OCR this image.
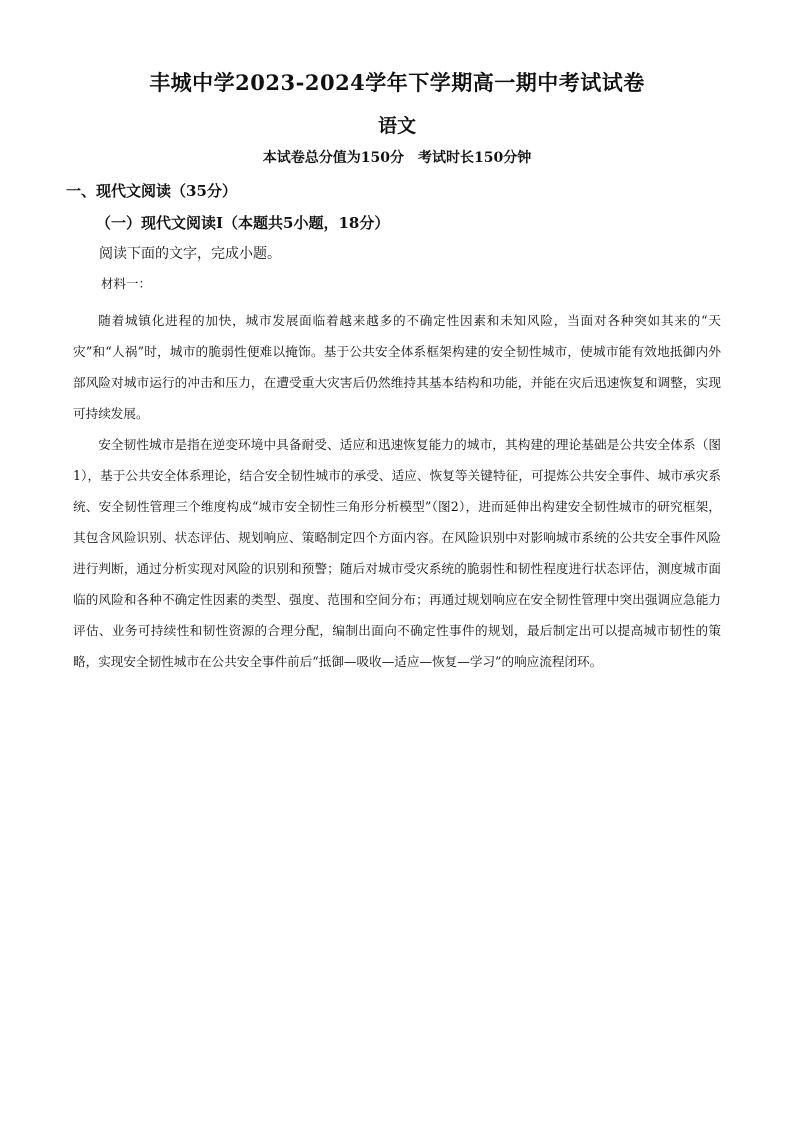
丰城中学2023-2024学年下学期高一期中考试试卷
语文
本试卷总分值为150分　考试时长150分钟
一、现代文阅读（35分）
（一）现代文阅读Ⅰ（本题共5小题，18分）
阅读下面的文字，完成小题。
材料一：

随着城镇化进程的加快，城市发展面临着越来越多的不确定性因素和未知风险，当面对各种突如其来的“天灾”和“人祸”时，城市的脆弱性便难以掩饰。基于公共安全体系框架构建的安全韧性城市，使城市能有效地抵御内外部风险对城市运行的冲击和压力，在遭受重大灾害后仍然维持其基本结构和功能，并能在灾后迅速恢复和调整，实现可持续发展。

安全韧性城市是指在逆变环境中具备耐受、适应和迅速恢复能力的城市，其构建的理论基础是公共安全体系（图1），基于公共安全体系理论，结合安全韧性城市的承受、适应、恢复等关键特征，可提炼公共安全事件、城市承灾系统、安全韧性管理三个维度构成“城市安全韧性三角形分析模型”（图2），进而延伸出构建安全韧性城市的研究框架，其包含风险识别、状态评估、规划响应、策略制定四个方面内容。在风险识别中对影响城市系统的公共安全事件风险进行判断，通过分析实现对风险的识别和预警；随后对城市受灾系统的脆弱性和韧性程度进行状态评估，测度城市面临的风险和各种不确定性因素的类型、强度、范围和空间分布；再通过规划响应在安全韧性管理中突出强调应急能力评估、业务可持续性和韧性资源的合理分配，编制出面向不确定性事件的规划，最后制定出可以提高城市韧性的策略，实现安全韧性城市在公共安全事件前后“抵御—吸收—适应—恢复—学习”的响应流程闭环。
